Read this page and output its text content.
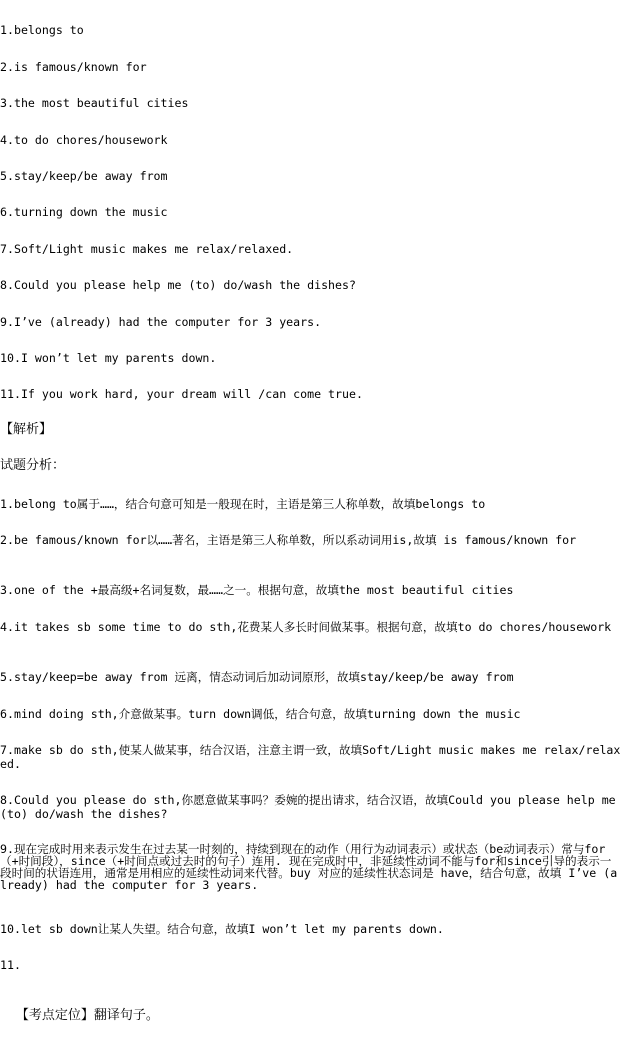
1.belongs to
2.is famous/known for
3.the most beautiful cities
4.to do chores/housework
5.stay/keep/be away from
6.turning down the music
7.Soft/Light music makes me relax/relaxed.
8.Could you please help me (to) do/wash the dishes?
9.I’ve (already) had the computer for 3 years.
10.I won’t let my parents down.
11.If you work hard, your dream will /can come true.
【解析】
试题分析：
1.belong to属于……，结合句意可知是一般现在时，主语是第三人称单数，故填belongs to
2.be famous/known for以……著名，主语是第三人称单数，所以系动词用is,故填 is famous/known for
3.one of the +最高级+名词复数，最……之一。根据句意，故填the most beautiful cities
4.it takes sb some time to do sth,花费某人多长时间做某事。根据句意，故填to do chores/housework
5.stay/keep=be away from 远离，情态动词后加动词原形，故填stay/keep/be away from
6.mind doing sth,介意做某事。turn down调低，结合句意，故填turning down the music
7.make sb do sth,使某人做某事，结合汉语，注意主谓一致，故填Soft/Light music makes me relax/relaxed.
8.Could you please do sth,你愿意做某事吗？委婉的提出请求，结合汉语，故填Could you please help me (to) do/wash the dishes?
9.现在完成时用来表示发生在过去某一时刻的，持续到现在的动作（用行为动词表示）或状态（be动词表示）常与for（+时间段），since（+时间点或过去时的句子）连用. 现在完成时中，非延续性动词不能与for和since引导的表示一段时间的状语连用，通常是用相应的延续性动词来代替。buy 对应的延续性状态词是 have，结合句意，故填 I’ve (already) had the computer for 3 years.
10.let sb down让某人失望。结合句意，故填I won’t let my parents down.
11.

【考点定位】翻译句子。
